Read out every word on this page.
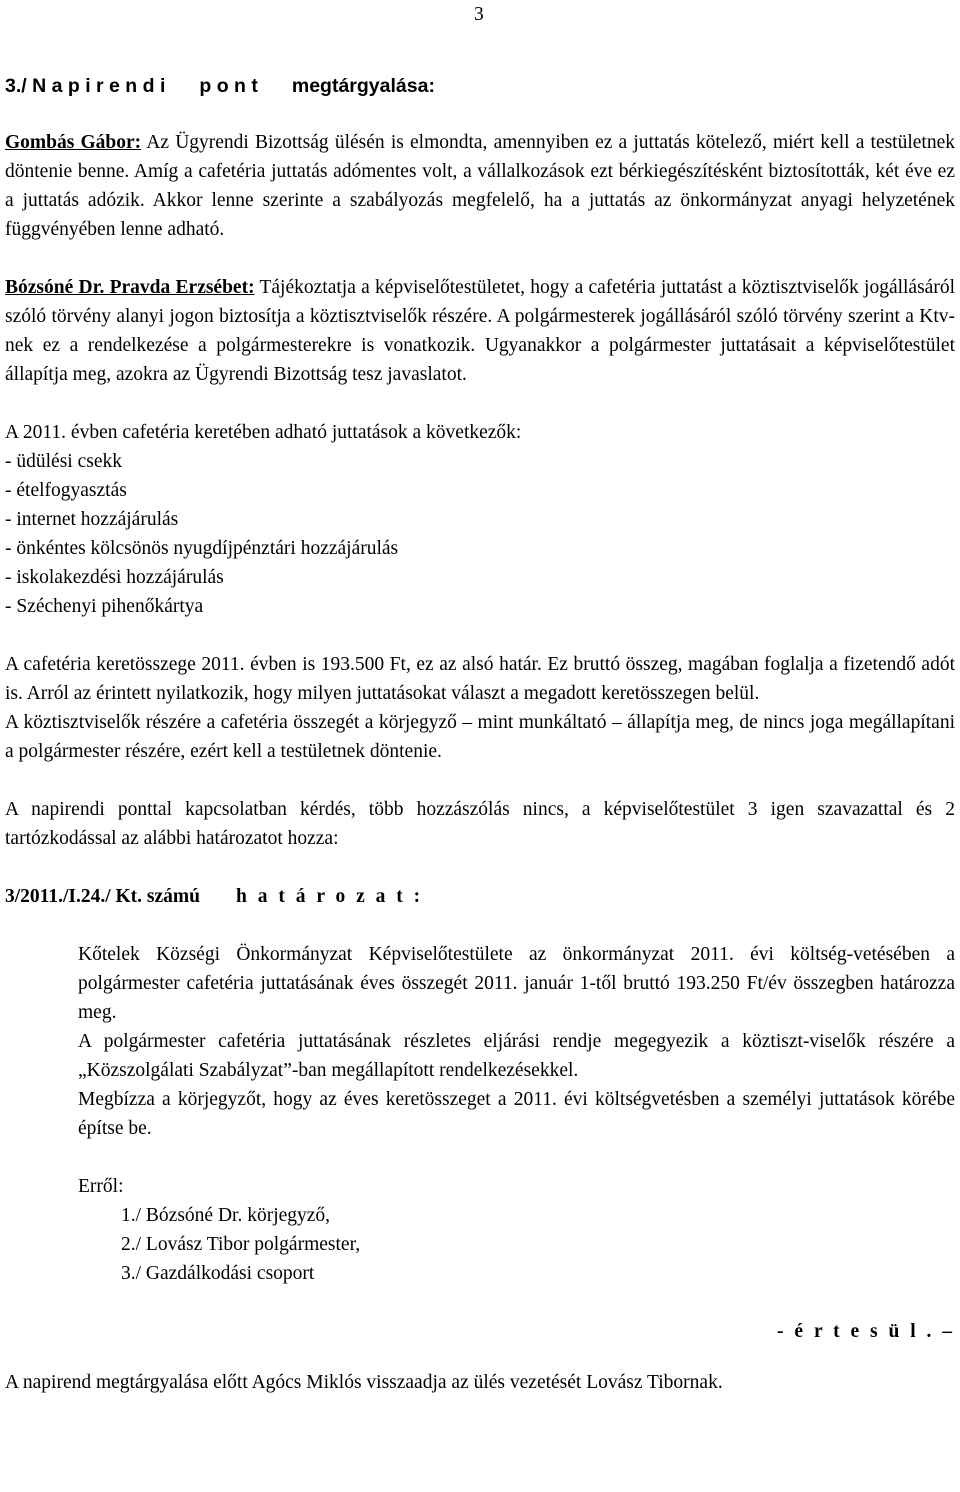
3

3./ N a p i r e n d i p o n t megtárgyalása:

Gombás Gábor: Az Ügyrendi Bizottság ülésén is elmondta, amennyiben ez a juttatás kötelező, miért kell a testületnek döntenie benne. Amíg a cafetéria juttatás adómentes volt, a vállalkozások ezt bérkiegészítésként biztosították, két éve ez a juttatás adózik. Akkor lenne szerinte a szabályozás megfelelő, ha a juttatás az önkormányzat anyagi helyzetének függvényében lenne adható.

Bózsóné Dr. Pravda Erzsébet: Tájékoztatja a képviselőtestületet, hogy a cafetéria juttatást a köztisztviselők jogállásáról szóló törvény alanyi jogon biztosítja a köztisztviselők részére. A polgármesterek jogállásáról szóló törvény szerint a Ktv-nek ez a rendelkezése a polgármesterekre is vonatkozik. Ugyanakkor a polgármester juttatásait a képviselőtestület állapítja meg, azokra az Ügyrendi Bizottság tesz javaslatot.

A 2011. évben cafetéria keretében adható juttatások a következők:

- üdülési csekk

- ételfogyasztás

- internet hozzájárulás

- önkéntes kölcsönös nyugdíjpénztári hozzájárulás

- iskolakezdési hozzájárulás

- Széchenyi pihenőkártya

A cafetéria keretösszege 2011. évben is 193.500 Ft, ez az alsó határ. Ez bruttó összeg, magában foglalja a fizetendő adót is. Arról az érintett nyilatkozik, hogy milyen juttatásokat választ a megadott keretösszegen belül.

A köztisztviselők részére a cafetéria összegét a körjegyző – mint munkáltató – állapítja meg, de nincs joga megállapítani a polgármester részére, ezért kell a testületnek döntenie.

A napirendi ponttal kapcsolatban kérdés, több hozzászólás nincs, a képviselőtestület 3 igen szavazattal és 2 tartózkodással az alábbi határozatot hozza:

3/2011./I.24./ Kt. számú h a t á r o z a t :

Kőtelek Községi Önkormányzat Képviselőtestülete az önkormányzat 2011. évi költség-vetésében a polgármester cafetéria juttatásának éves összegét 2011. január 1-től bruttó 193.250 Ft/év összegben határozza meg.

A polgármester cafetéria juttatásának részletes eljárási rendje megegyezik a köztiszt-viselők részére a „Közszolgálati Szabályzat”-ban megállapított rendelkezésekkel.

Megbízza a körjegyzőt, hogy az éves keretösszeget a 2011. évi költségvetésben a személyi juttatások körébe építse be.

Erről:

1./ Bózsóné Dr. körjegyző,

2./ Lovász Tibor polgármester,

3./ Gazdálkodási csoport

- é r t e s ü l . –

A napirend megtárgyalása előtt Agócs Miklós visszaadja az ülés vezetését Lovász Tibornak.
